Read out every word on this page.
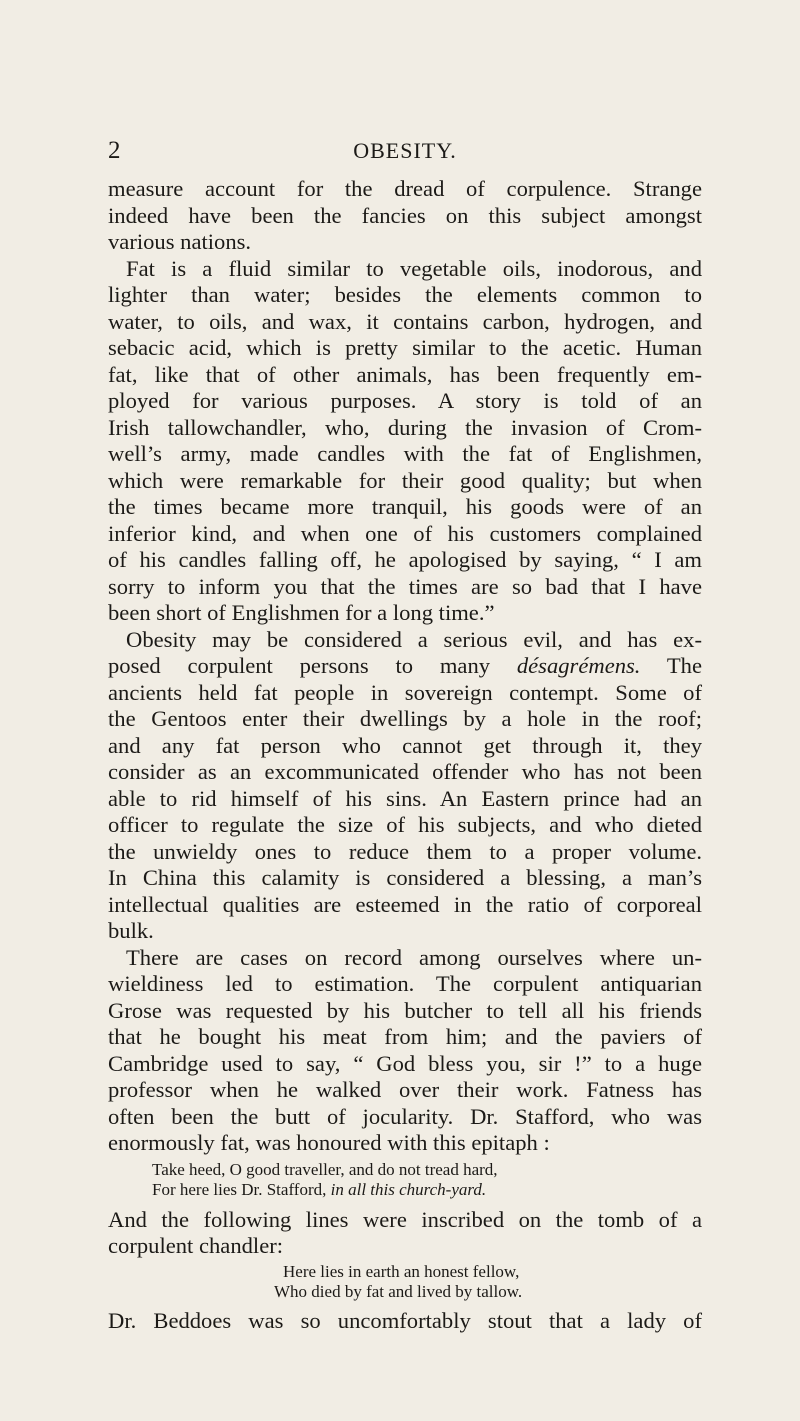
2	OBESITY.
measure account for the dread of corpulence. Strange
indeed have been the fancies on this subject amongst
various nations.
Fat is a fluid similar to vegetable oils, inodorous, and
lighter than water; besides the elements common to
water, to oils, and wax, it contains carbon, hydrogen, and
sebacic acid, which is pretty similar to the acetic. Human
fat, like that of other animals, has been frequently em-
ployed for various purposes. A story is told of an
Irish tallowchandler, who, during the invasion of Crom-
well’s army, made candles with the fat of Englishmen,
which were remarkable for their good quality; but when
the times became more tranquil, his goods were of an
inferior kind, and when one of his customers complained
of his candles falling off, he apologised by saying, “ I am
sorry to inform you that the times are so bad that I have
been short of Englishmen for a long time.”
Obesity may be considered a serious evil, and has ex-
posed corpulent persons to many désagrémens. The
ancients held fat people in sovereign contempt. Some of
the Gentoos enter their dwellings by a hole in the roof;
and any fat person who cannot get through it, they
consider as an excommunicated offender who has not been
able to rid himself of his sins. An Eastern prince had an
officer to regulate the size of his subjects, and who dieted
the unwieldy ones to reduce them to a proper volume.
In China this calamity is considered a blessing, a man’s
intellectual qualities are esteemed in the ratio of corporeal
bulk.
There are cases on record among ourselves where un-
wieldiness led to estimation. The corpulent antiquarian
Grose was requested by his butcher to tell all his friends
that he bought his meat from him; and the paviers of
Cambridge used to say, “ God bless you, sir !” to a huge
professor when he walked over their work. Fatness has
often been the butt of jocularity. Dr. Stafford, who was
enormously fat, was honoured with this epitaph :
Take heed, O good traveller, and do not tread hard,
For here lies Dr. Stafford, in all this church-yard.
And the following lines were inscribed on the tomb of a
corpulent chandler:
Here lies in earth an honest fellow,
Who died by fat and lived by tallow.
Dr. Beddoes was so uncomfortably stout that a lady of
